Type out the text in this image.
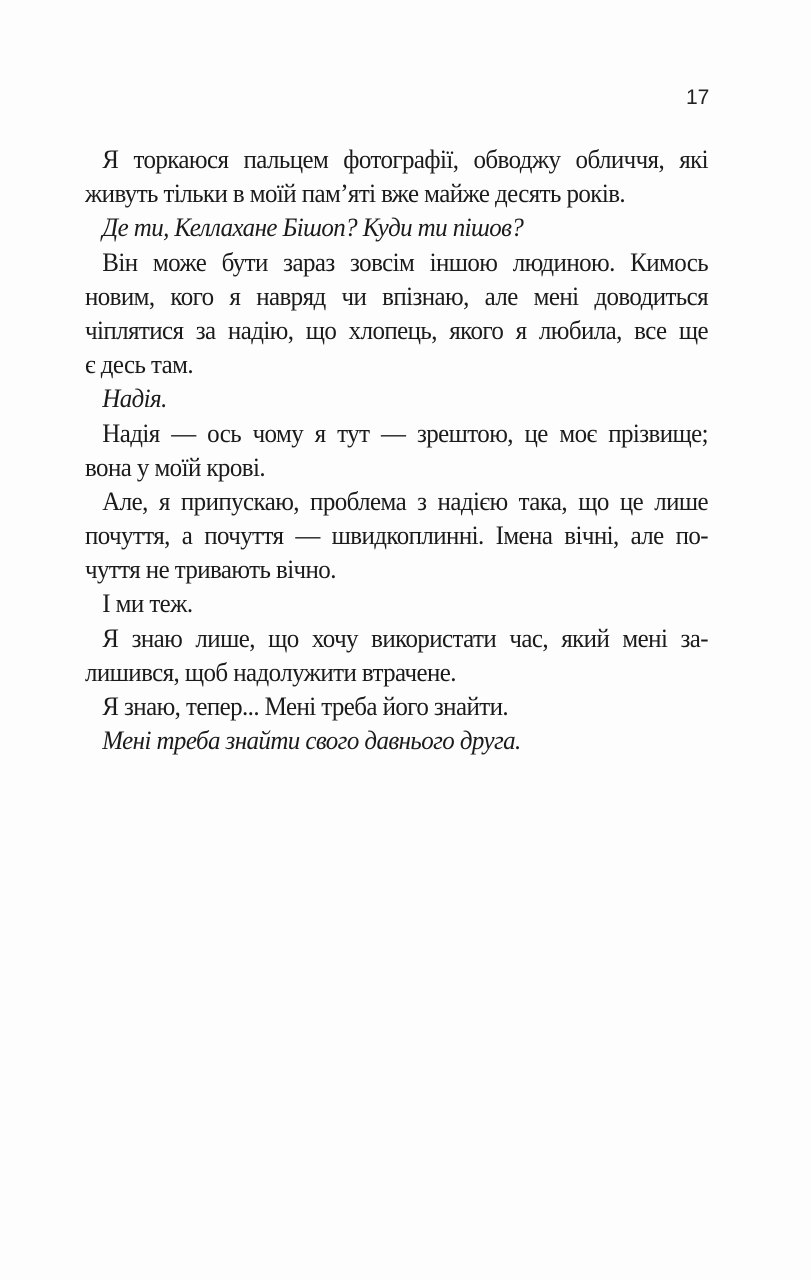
17
Я торкаюся пальцем фотографії, обводжу обличчя, які
живуть тільки в моїй пам’яті вже майже десять років.
Де ти, Келлахане Бішоп? Куди ти пішов?
Він може бути зараз зовсім іншою людиною. Кимось
новим, кого я навряд чи впізнаю, але мені доводиться
чіплятися за надію, що хлопець, якого я любила, все ще
є десь там.
Надія.
Надія — ось чому я тут — зрештою, це моє прізвище;
вона у моїй крові.
Але, я припускаю, проблема з надією така, що це лише
почуття, а почуття — швидкоплинні. Імена вічні, але по-
чуття не тривають вічно.
І ми теж.
Я знаю лише, що хочу використати час, який мені за-
лишився, щоб надолужити втрачене.
Я знаю, тепер... Мені треба його знайти.
Мені треба знайти свого давнього друга.
